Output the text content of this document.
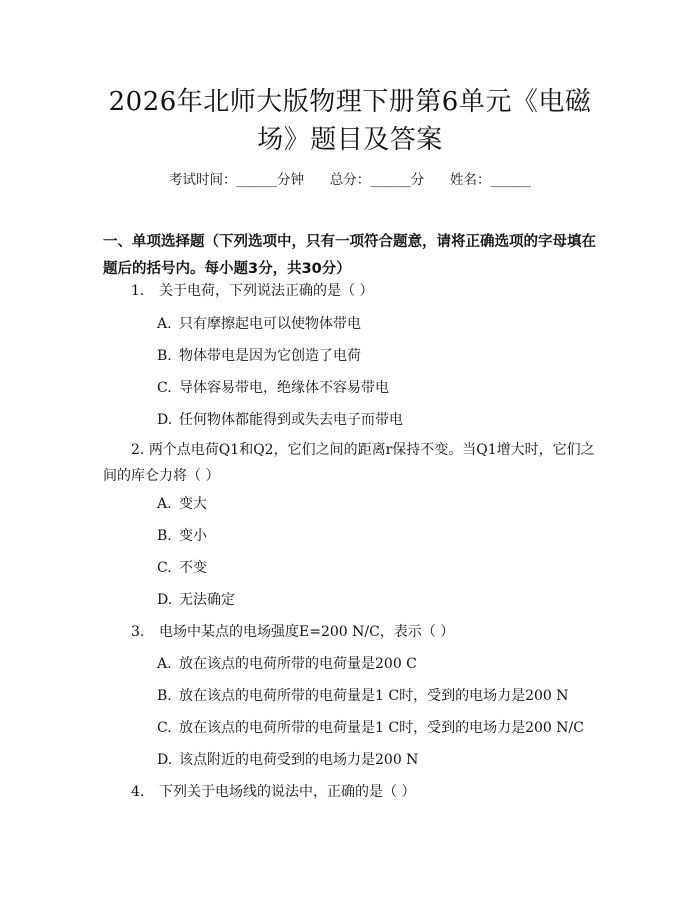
2026年北师大版物理下册第6单元《电磁
场》题目及答案
考试时间：______分钟 总分：______分 姓名：______
一、单项选择题（下列选项中，只有一项符合题意，请将正确选项的字母填在题后的括号内。每小题3分，共30分）
1. 关于电荷，下列说法正确的是（ ）
A. 只有摩擦起电可以使物体带电
B. 物体带电是因为它创造了电荷
C. 导体容易带电，绝缘体不容易带电
D. 任何物体都能得到或失去电子而带电
2. 两个点电荷Q1和Q2，它们之间的距离r保持不变。当Q1增大时，它们之间的库仑力将（ ）
A. 变大
B. 变小
C. 不变
D. 无法确定
3. 电场中某点的电场强度E=200 N/C，表示（ ）
A. 放在该点的电荷所带的电荷量是200 C
B. 放在该点的电荷所带的电荷量是1 C时，受到的电场力是200 N
C. 放在该点的电荷所带的电荷量是1 C时，受到的电场力是200 N/C
D. 该点附近的电荷受到的电场力是200 N
4. 下列关于电场线的说法中，正确的是（ ）
